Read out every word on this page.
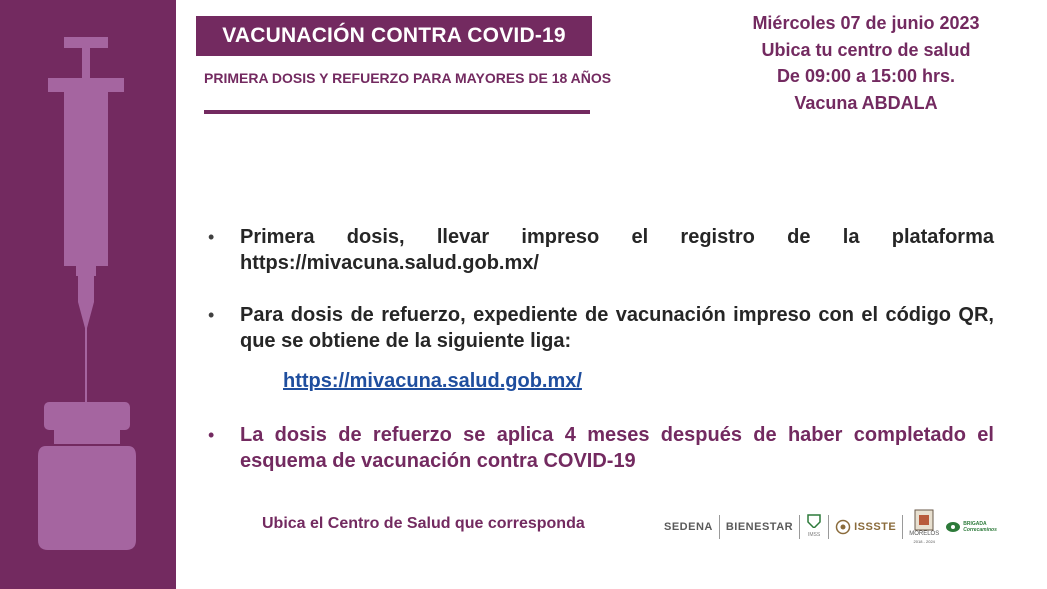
VACUNACIÓN CONTRA COVID-19
PRIMERA DOSIS Y REFUERZO PARA MAYORES DE 18 AÑOS
Miércoles 07 de junio 2023
Ubica tu centro de salud
De 09:00 a 15:00 hrs.
Vacuna ABDALA
• Primera dosis, llevar impreso el registro de la plataforma https://mivacuna.salud.gob.mx/
• Para dosis de refuerzo, expediente de vacunación impreso con el código QR, que se obtiene de la siguiente liga:
https://mivacuna.salud.gob.mx/
• La dosis de refuerzo se aplica 4 meses después de haber completado el esquema de vacunación contra COVID-19
Ubica el Centro de Salud que corresponda	SEDENA BIENESTAR
IMSS
ISSSTE
MORELOS
2018 - 2024
BRIGADA
Correcaminos
